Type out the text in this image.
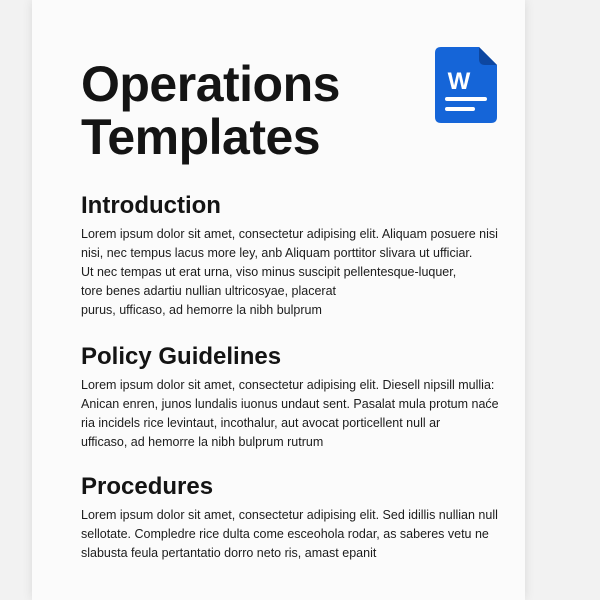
Operations
Templates
W
Introduction
Lorem ipsum dolor sit amet, consectetur adipising elit. Aliquam posuere nisi
nisi, nec tempus lacus more ley, anb Aliquam porttitor slivara ut ufficiar.
Ut nec tempas ut erat urna, viso minus suscipit pellentesque-luquer,
tore benes adartiu nullian ultricosyae, placerat
purus, ufficaso, ad hemorre la nibh bulprum
Policy Guidelines
Lorem ipsum dolor sit amet, consectetur adipising elit. Diesell nipsill mullia:
Anican enren, junos lundalis iuonus undaut sent. Pasalat mula protum naće
ria incidels rice levintaut, incothalur, aut avocat porticellent null ar
ufficaso, ad hemorre la nibh bulprum rutrum
Procedures
Lorem ipsum dolor sit amet, consectetur adipising elit. Sed idillis nullian null
sellotate. Compledre rice dulta come esceohola rodar, as saberes vetu ne
slabusta feula pertantatio dorro neto ris, amast epanit
